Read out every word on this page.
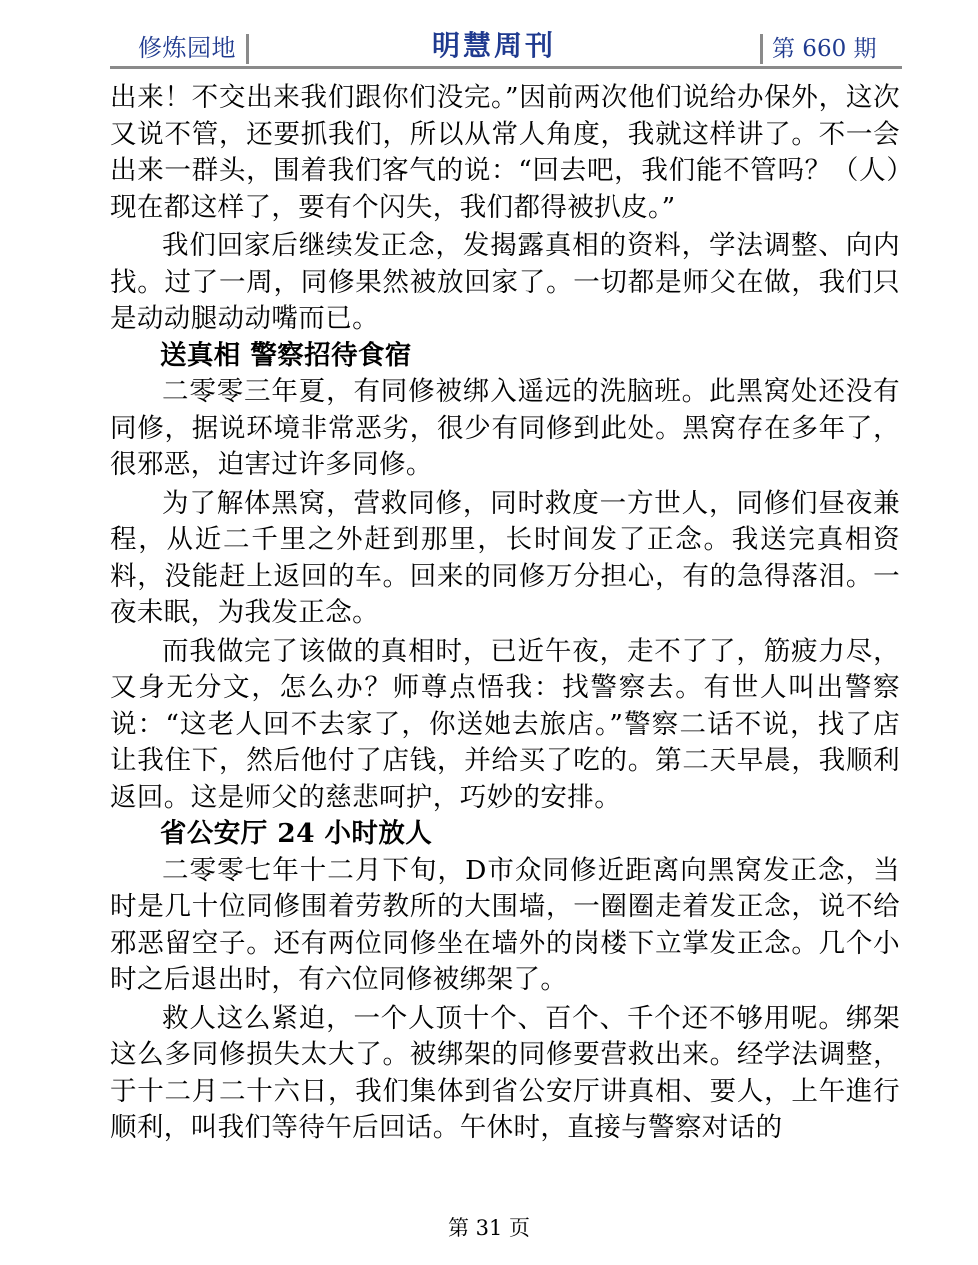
修炼园地	明慧周刊	第 660 期

出来！不交出来我们跟你们没完。”因前两次他们说给办保外，这次又说不管，还要抓我们，所以从常人角度，我就这样讲了。不一会出来一群头，围着我们客气的说：“回去吧，我们能不管吗？（人）现在都这样了，要有个闪失，我们都得被扒皮。”

我们回家后继续发正念，发揭露真相的资料，学法调整、向内找。过了一周，同修果然被放回家了。一切都是师父在做，我们只是动动腿动动嘴而已。

送真相 警察招待食宿

二零零三年夏，有同修被绑入遥远的洗脑班。此黑窝处还没有同修，据说环境非常恶劣，很少有同修到此处。黑窝存在多年了，很邪恶，迫害过许多同修。

为了解体黑窝，营救同修，同时救度一方世人，同修们昼夜兼程，从近二千里之外赶到那里，长时间发了正念。我送完真相资料，没能赶上返回的车。回来的同修万分担心，有的急得落泪。一夜未眠，为我发正念。

而我做完了该做的真相时，已近午夜，走不了了，筋疲力尽，又身无分文，怎么办？师尊点悟我：找警察去。有世人叫出警察说：“这老人回不去家了，你送她去旅店。”警察二话不说，找了店让我住下，然后他付了店钱，并给买了吃的。第二天早晨，我顺利返回。这是师父的慈悲呵护，巧妙的安排。

省公安厅 24 小时放人

二零零七年十二月下旬，D市众同修近距离向黑窝发正念，当时是几十位同修围着劳教所的大围墙，一圈圈走着发正念，说不给邪恶留空子。还有两位同修坐在墙外的岗楼下立掌发正念。几个小时之后退出时，有六位同修被绑架了。

救人这么紧迫，一个人顶十个、百个、千个还不够用呢。绑架这么多同修损失太大了。被绑架的同修要营救出来。经学法调整，于十二月二十六日，我们集体到省公安厅讲真相、要人，上午進行顺利，叫我们等待午后回话。午休时，直接与警察对话的

第 31 页
